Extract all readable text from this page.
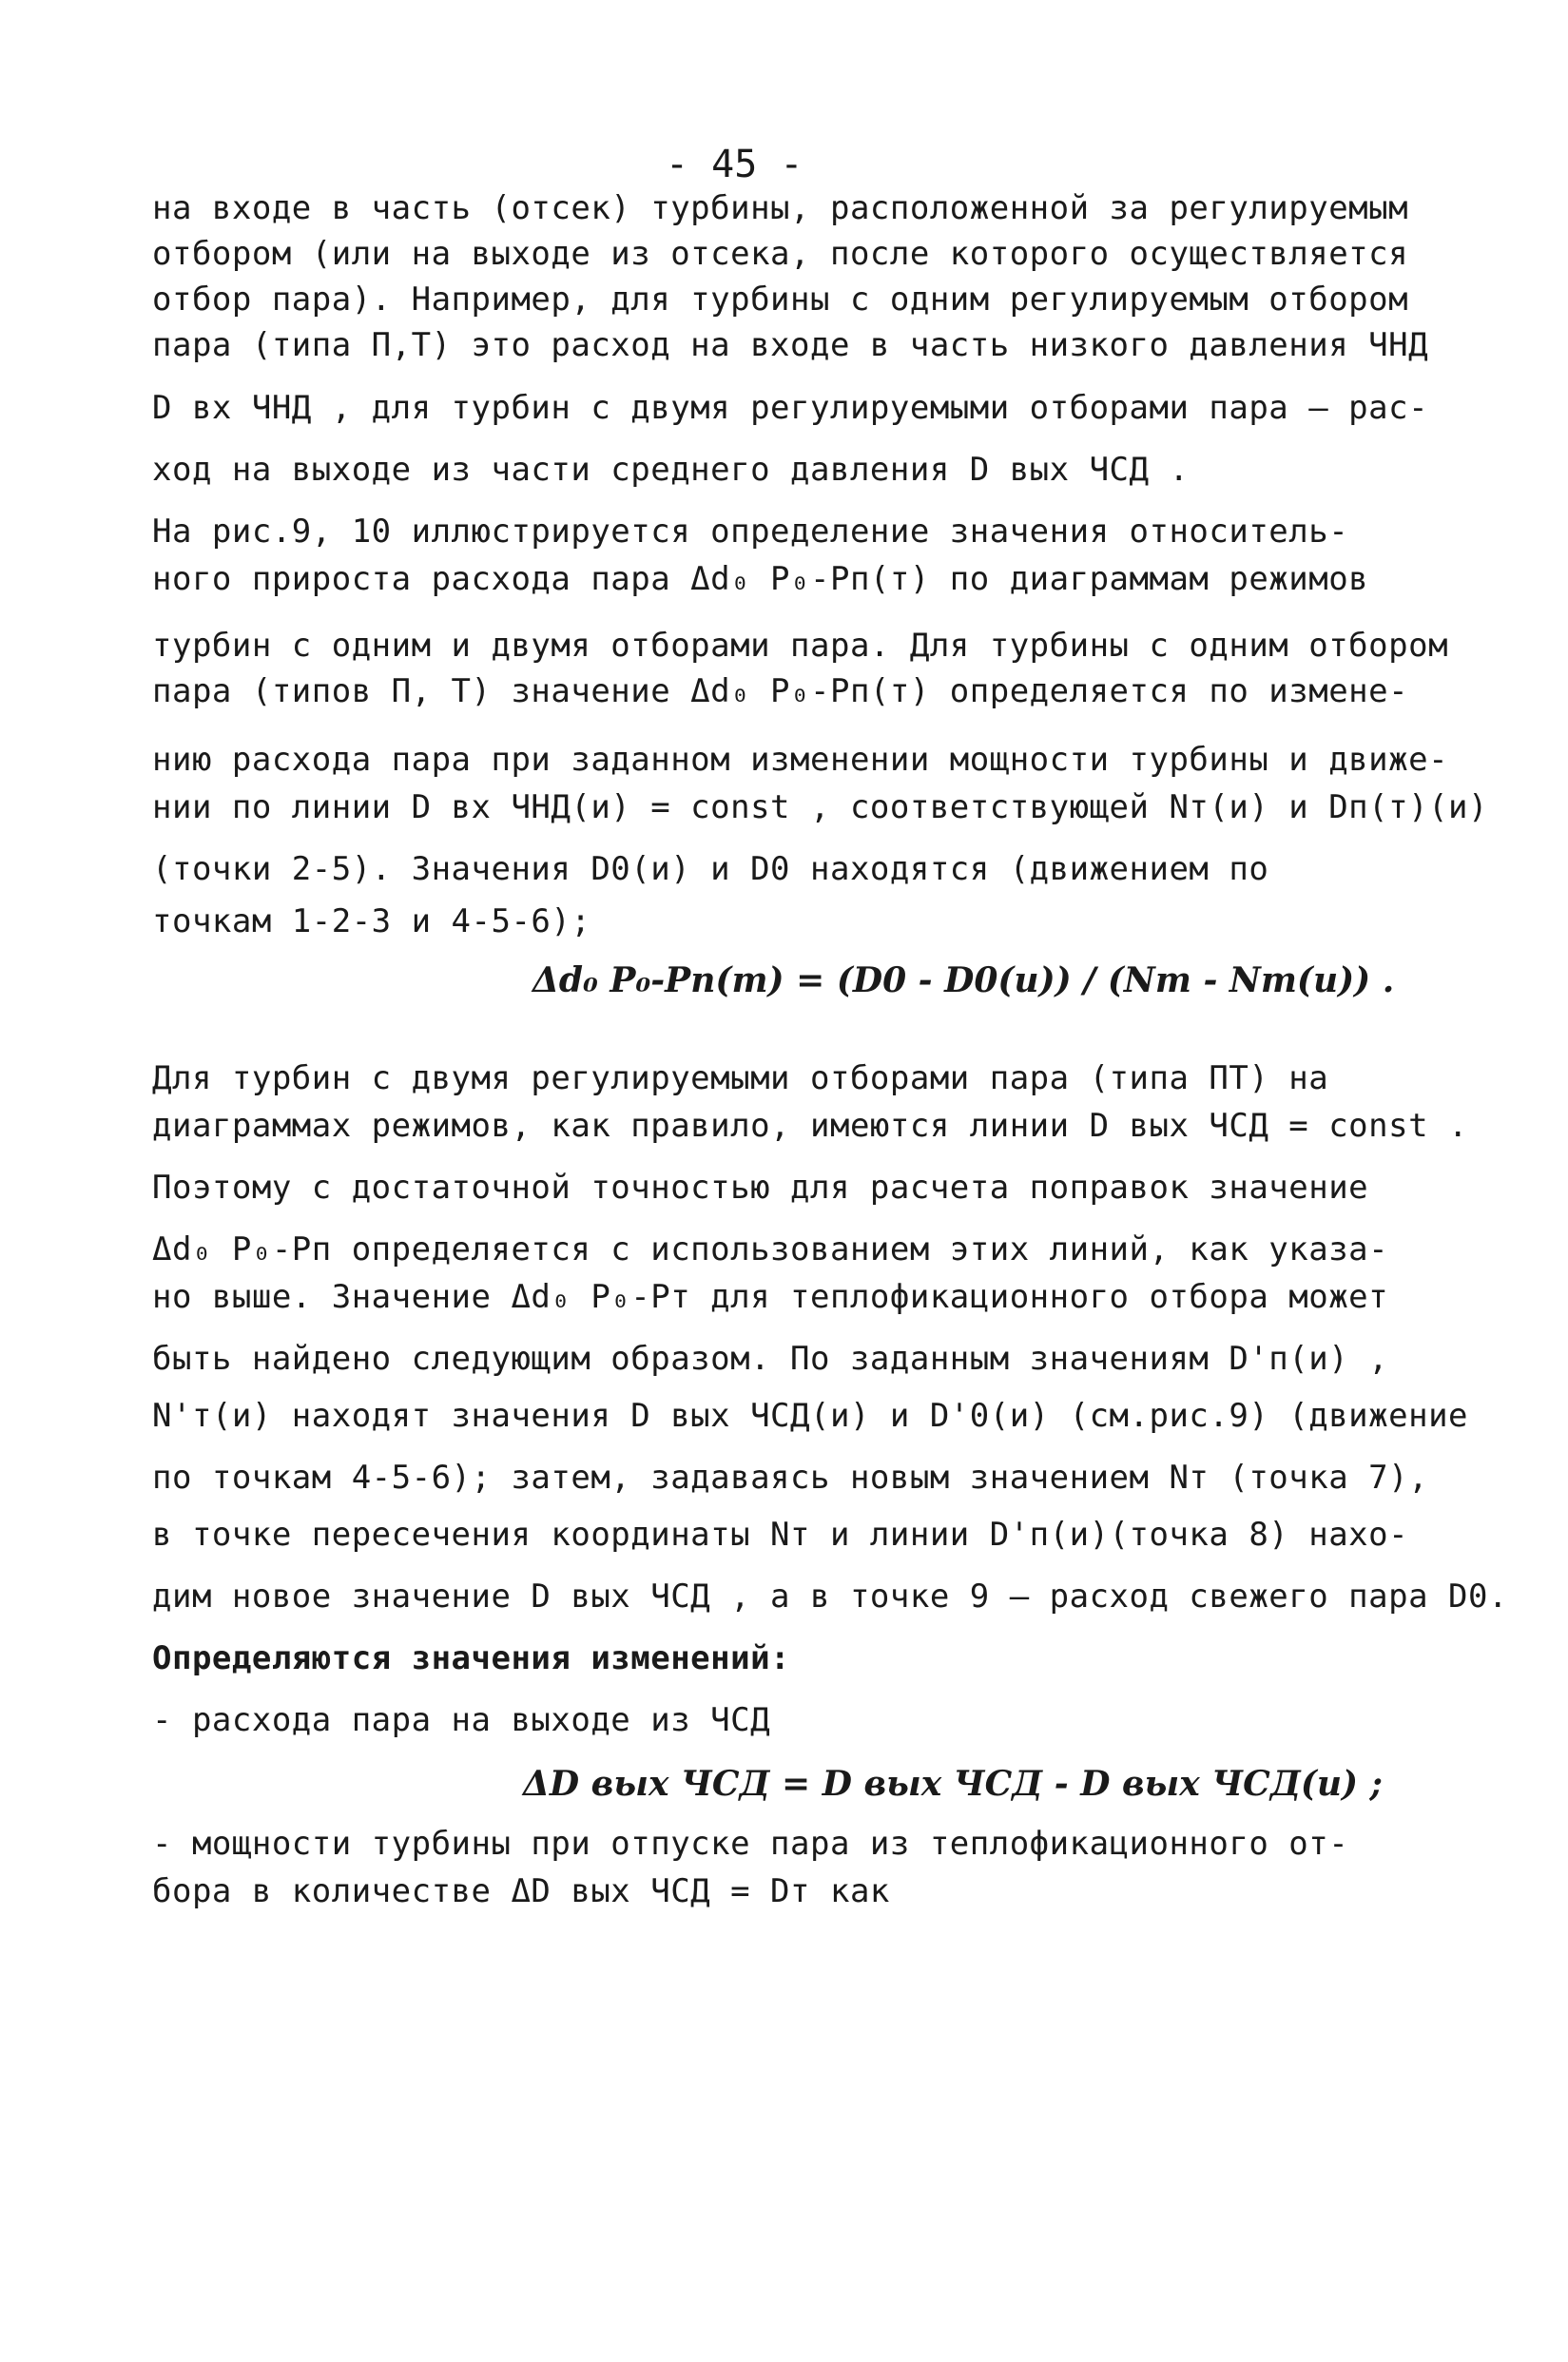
- 45 -
на входе в часть (отсек) турбины, расположенной за регулируемым
отбором (или на выходе из отсека, после которого осуществляется
отбор пара). Например, для турбины с одним регулируемым отбором
пара (типа П,Т) это расход на входе в часть низкого давления ЧНД
D вх ЧНД , для турбин с двумя регулируемыми отборами пара – рас-
ход на выходе из части среднего давления D вых ЧСД .
На рис.9, 10 иллюстрируется определение значения относитель-
ного прироста расхода пара Δd₀ P₀-Pп(т) по диаграммам режимов
турбин с одним и двумя отборами пара. Для турбины с одним отбором
пара (типов П, Т) значение Δd₀ P₀-Pп(т) определяется по измене-
нию расхода пара при заданном изменении мощности турбины и движе-
нии по линии D вх ЧНД(и) = const , соответствующей Nт(и) и Dп(т)(и)
(точки 2-5). Значения D0(и) и D0 находятся (движением по
точкам 1-2-3 и 4-5-6);
Δd₀ P₀-Pп(т) = (D0 - D0(и)) / (Nт - Nт(и)) .
Для турбин с двумя регулируемыми отборами пара (типа ПТ) на
диаграммах режимов, как правило, имеются линии D вых ЧСД = const .
Поэтому с достаточной точностью для расчета поправок значение
Δd₀ P₀-Pп определяется с использованием этих линий, как указа-
но выше. Значение Δd₀ P₀-Pт для теплофикационного отбора может
быть найдено следующим образом. По заданным значениям D'п(и) ,
N'т(и) находят значения D вых ЧСД(и) и D'0(и) (см.рис.9) (движение
по точкам 4-5-6); затем, задаваясь новым значением Nт (точка 7),
в точке пересечения координаты Nт и линии D'п(и)(точка 8) нахо-
дим новое значение D вых ЧСД , а в точке 9 – расход свежего пара D0.
Определяются значения изменений:
- расхода пара на выходе из ЧСД
ΔD вых ЧСД = D вых ЧСД - D вых ЧСД(и) ;
- мощности турбины при отпуске пара из теплофикационного от-
бора в количестве ΔD вых ЧСД = Dт как
